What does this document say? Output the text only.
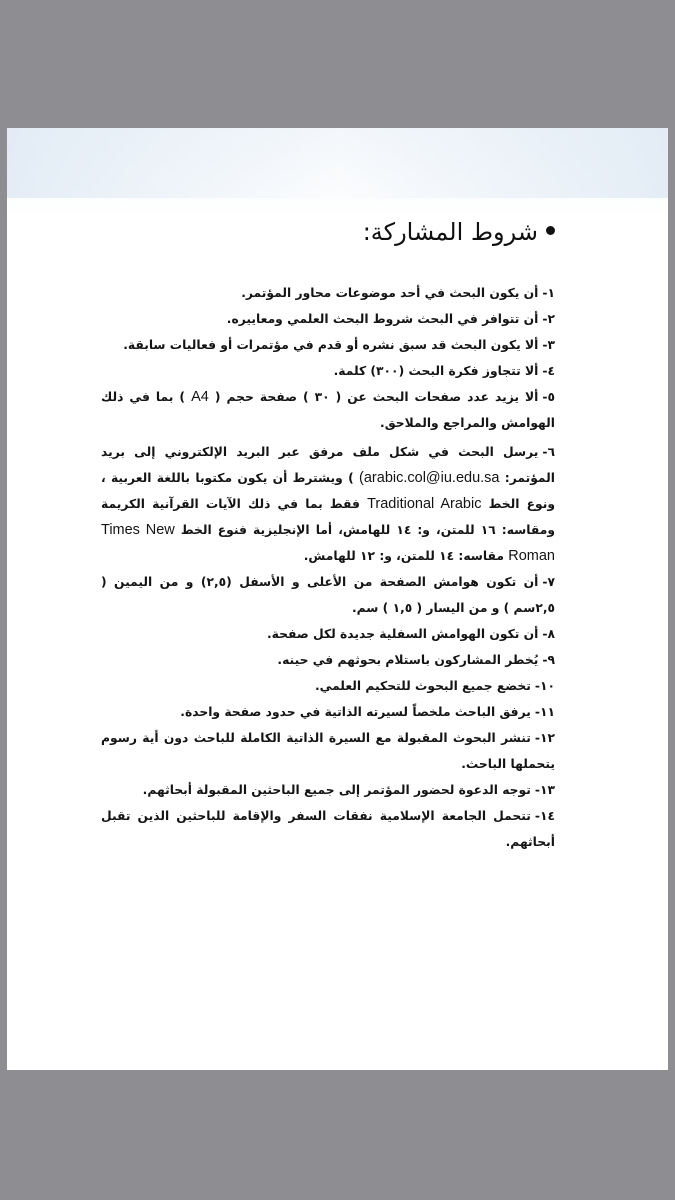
شروط المشاركة:
١-أن يكون البحث في أحد موضوعات محاور المؤتمر.
٢-أن تتوافر في البحث شروط البحث العلمي ومعاييره.
٣-ألا يكون البحث قد سبق نشره أو قدم في مؤتمرات أو فعاليات سابقة.
٤-ألا تتجاوز فكرة البحث (٣٠٠) كلمة.
٥-ألا يزيد عدد صفحات البحث عن ( ٣٠ ) صفحة حجم ( A4 ) بما في ذلك الهوامش والمراجع والملاحق.
٦-يرسل البحث في شكل ملف مرفق عبر البريد الإلكتروني إلى بريد المؤتمر: (arabic.col@iu.edu.sa ) ويشترط أن يكون مكتوبا باللغة العربية ، ونوع الخط Traditional Arabic فقط بما في ذلك الآيات القرآنية الكريمة ومقاسه: ١٦ للمتن، و: ١٤ للهامش، أما الإنجليزية فنوع الخط Times New Roman مقاسه: ١٤ للمتن، و: ١٢ للهامش.
٧-أن تكون هوامش الصفحة من الأعلى و الأسفل (٢,٥) و من اليمين ( ٢,٥سم ) و من اليسار ( ١,٥ ) سم.
٨-أن تكون الهوامش السفلية جديدة لكل صفحة.
٩-يُخطر المشاركون باستلام بحوثهم في حينه.
١٠-تخضع جميع البحوث للتحكيم العلمي.
١١-يرفق الباحث ملخصاً لسيرته الذاتية في حدود صفحة واحدة.
١٢-تنشر البحوث المقبولة مع السيرة الذاتية الكاملة للباحث دون أية رسوم يتحملها الباحث.
١٣-توجه الدعوة لحضور المؤتمر إلى جميع الباحثين المقبولة أبحاثهم.
١٤-تتحمل الجامعة الإسلامية نفقات السفر والإقامة للباحثين الذين تقبل أبحاثهم.
